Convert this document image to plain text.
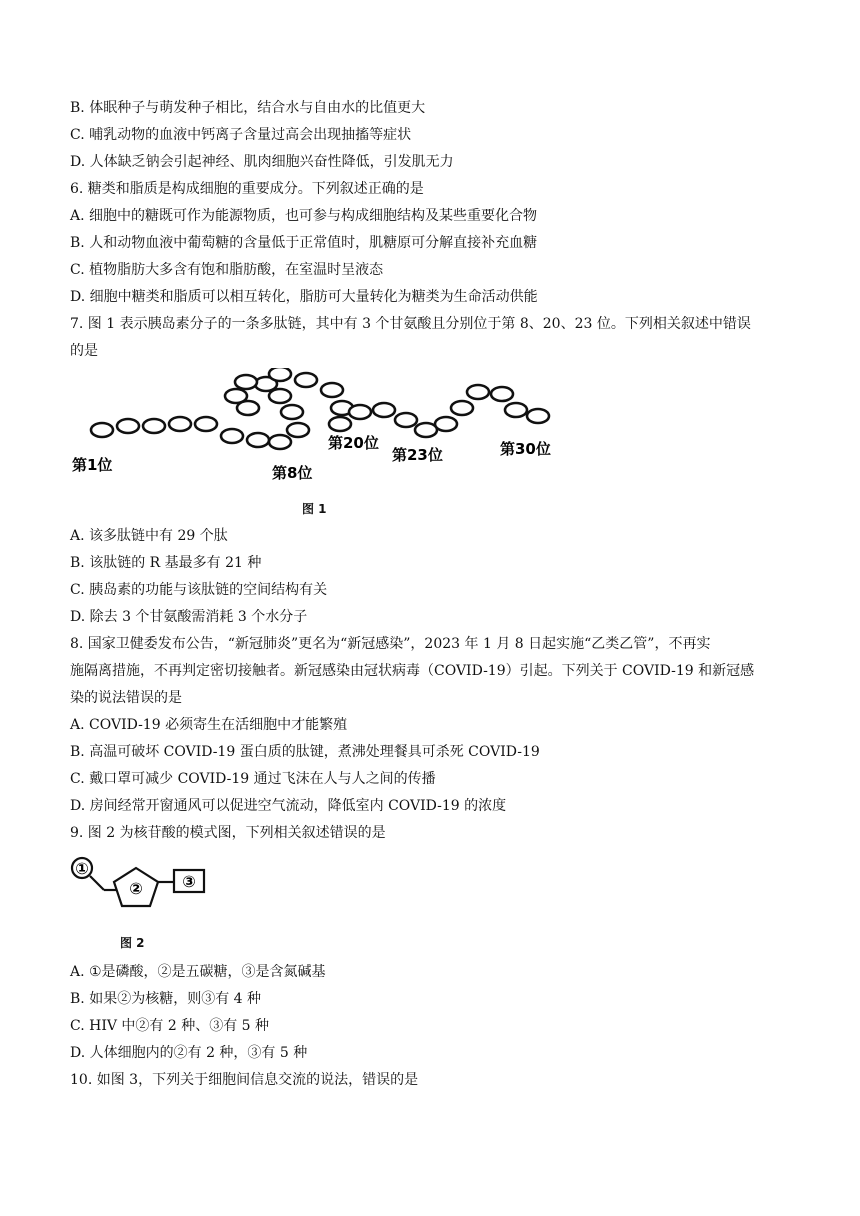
B. 体眠种子与萌发种子相比，结合水与自由水的比值更大
C. 哺乳动物的血液中钙离子含量过高会出现抽搐等症状
D. 人体缺乏钠会引起神经、肌肉细胞兴奋性降低，引发肌无力
6. 糖类和脂质是构成细胞的重要成分。下列叙述正确的是
A. 细胞中的糖既可作为能源物质，也可参与构成细胞结构及某些重要化合物
B. 人和动物血液中葡萄糖的含量低于正常值时，肌糖原可分解直接补充血糖
C. 植物脂肪大多含有饱和脂肪酸，在室温时呈液态
D. 细胞中糖类和脂质可以相互转化，脂肪可大量转化为糖类为生命活动供能
7. 图 1 表示胰岛素分子的一条多肽链，其中有 3 个甘氨酸且分别位于第 8、20、23 位。下列相关叙述中错误
的是
第1位	第8位
第20位
第23位	第30位
图 1
A. 该多肽链中有 29 个肽
B. 该肽链的 R 基最多有 21 种
C. 胰岛素的功能与该肽链的空间结构有关
D. 除去 3 个甘氨酸需消耗 3 个水分子
8. 国家卫健委发布公告，“新冠肺炎”更名为“新冠感染”，2023 年 1 月 8 日起实施“乙类乙管”，不再实
施隔离措施，不再判定密切接触者。新冠感染由冠状病毒（COVID-19）引起。下列关于 COVID-19 和新冠感
染的说法错误的是
A. COVID-19 必须寄生在活细胞中才能繁殖
B. 高温可破坏 COVID-19 蛋白质的肽键，煮沸处理餐具可杀死 COVID-19
C. 戴口罩可减少 COVID-19 通过飞沫在人与人之间的传播
D. 房间经常开窗通风可以促进空气流动，降低室内 COVID-19 的浓度
9. 图 2 为核苷酸的模式图，下列相关叙述错误的是
①
② ③
图 2
A. ①是磷酸，②是五碳糖，③是含氮碱基
B. 如果②为核糖，则③有 4 种
C. HIV 中②有 2 种、③有 5 种
D. 人体细胞内的②有 2 种，③有 5 种
10. 如图 3，下列关于细胞间信息交流的说法，错误的是
